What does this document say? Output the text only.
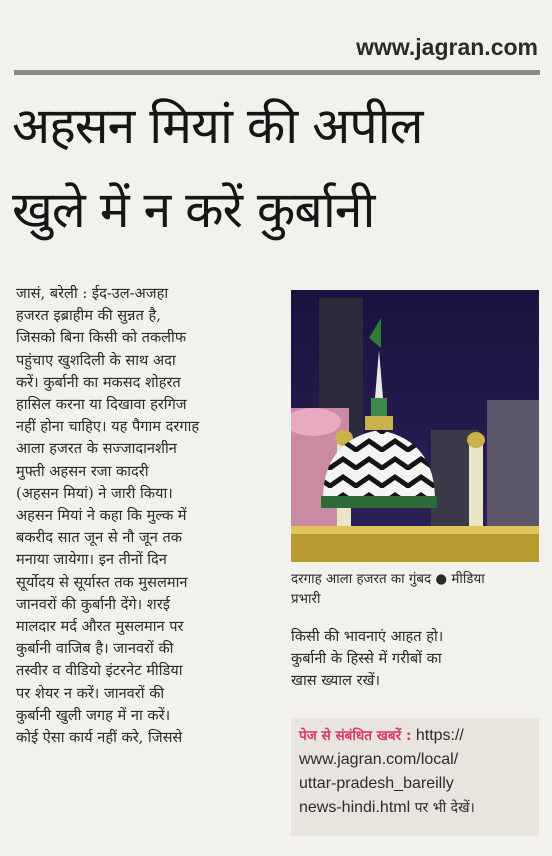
www.jagran.com
अहसन मियां की अपील
खुले में न करें कुर्बानी
जासं, बरेली : ईद-उल-अजहा
हजरत इब्राहीम की सुन्नत है,
जिसको बिना किसी को तकलीफ
पहुंचाए खुशदिली के साथ अदा
करें। कुर्बानी का मकसद शोहरत
हासिल करना या दिखावा हरगिज
नहीं होना चाहिए। यह पैगाम दरगाह
आला हजरत के सज्जादानशीन
मुफ्ती अहसन रजा कादरी
(अहसन मियां) ने जारी किया।
अहसन मियां ने कहा कि मुल्क में
बकरीद सात जून से नौ जून तक
मनाया जायेगा। इन तीनों दिन
सूर्योदय से सूर्यास्त तक मुसलमान
जानवरों की कुर्बानी देंगे। शरई
मालदार मर्द औरत मुसलमान पर
कुर्बानी वाजिब है। जानवरों की
तस्वीर व वीडियो इंटरनेट मीडिया
पर शेयर न करें। जानवरों की
कुर्बानी खुली जगह में ना करें।
कोई ऐसा कार्य नहीं करे, जिससे
दरगाह आला हजरत का गुंबद ● मीडिया
प्रभारी
किसी की भावनाएं आहत हो।
कुर्बानी के हिस्से में गरीबों का
खास ख्याल रखें।
पेज से संबंधित खबरें : https://
www.jagran.com/local/
uttar-pradesh_bareilly
news-hindi.html पर भी देखें।
